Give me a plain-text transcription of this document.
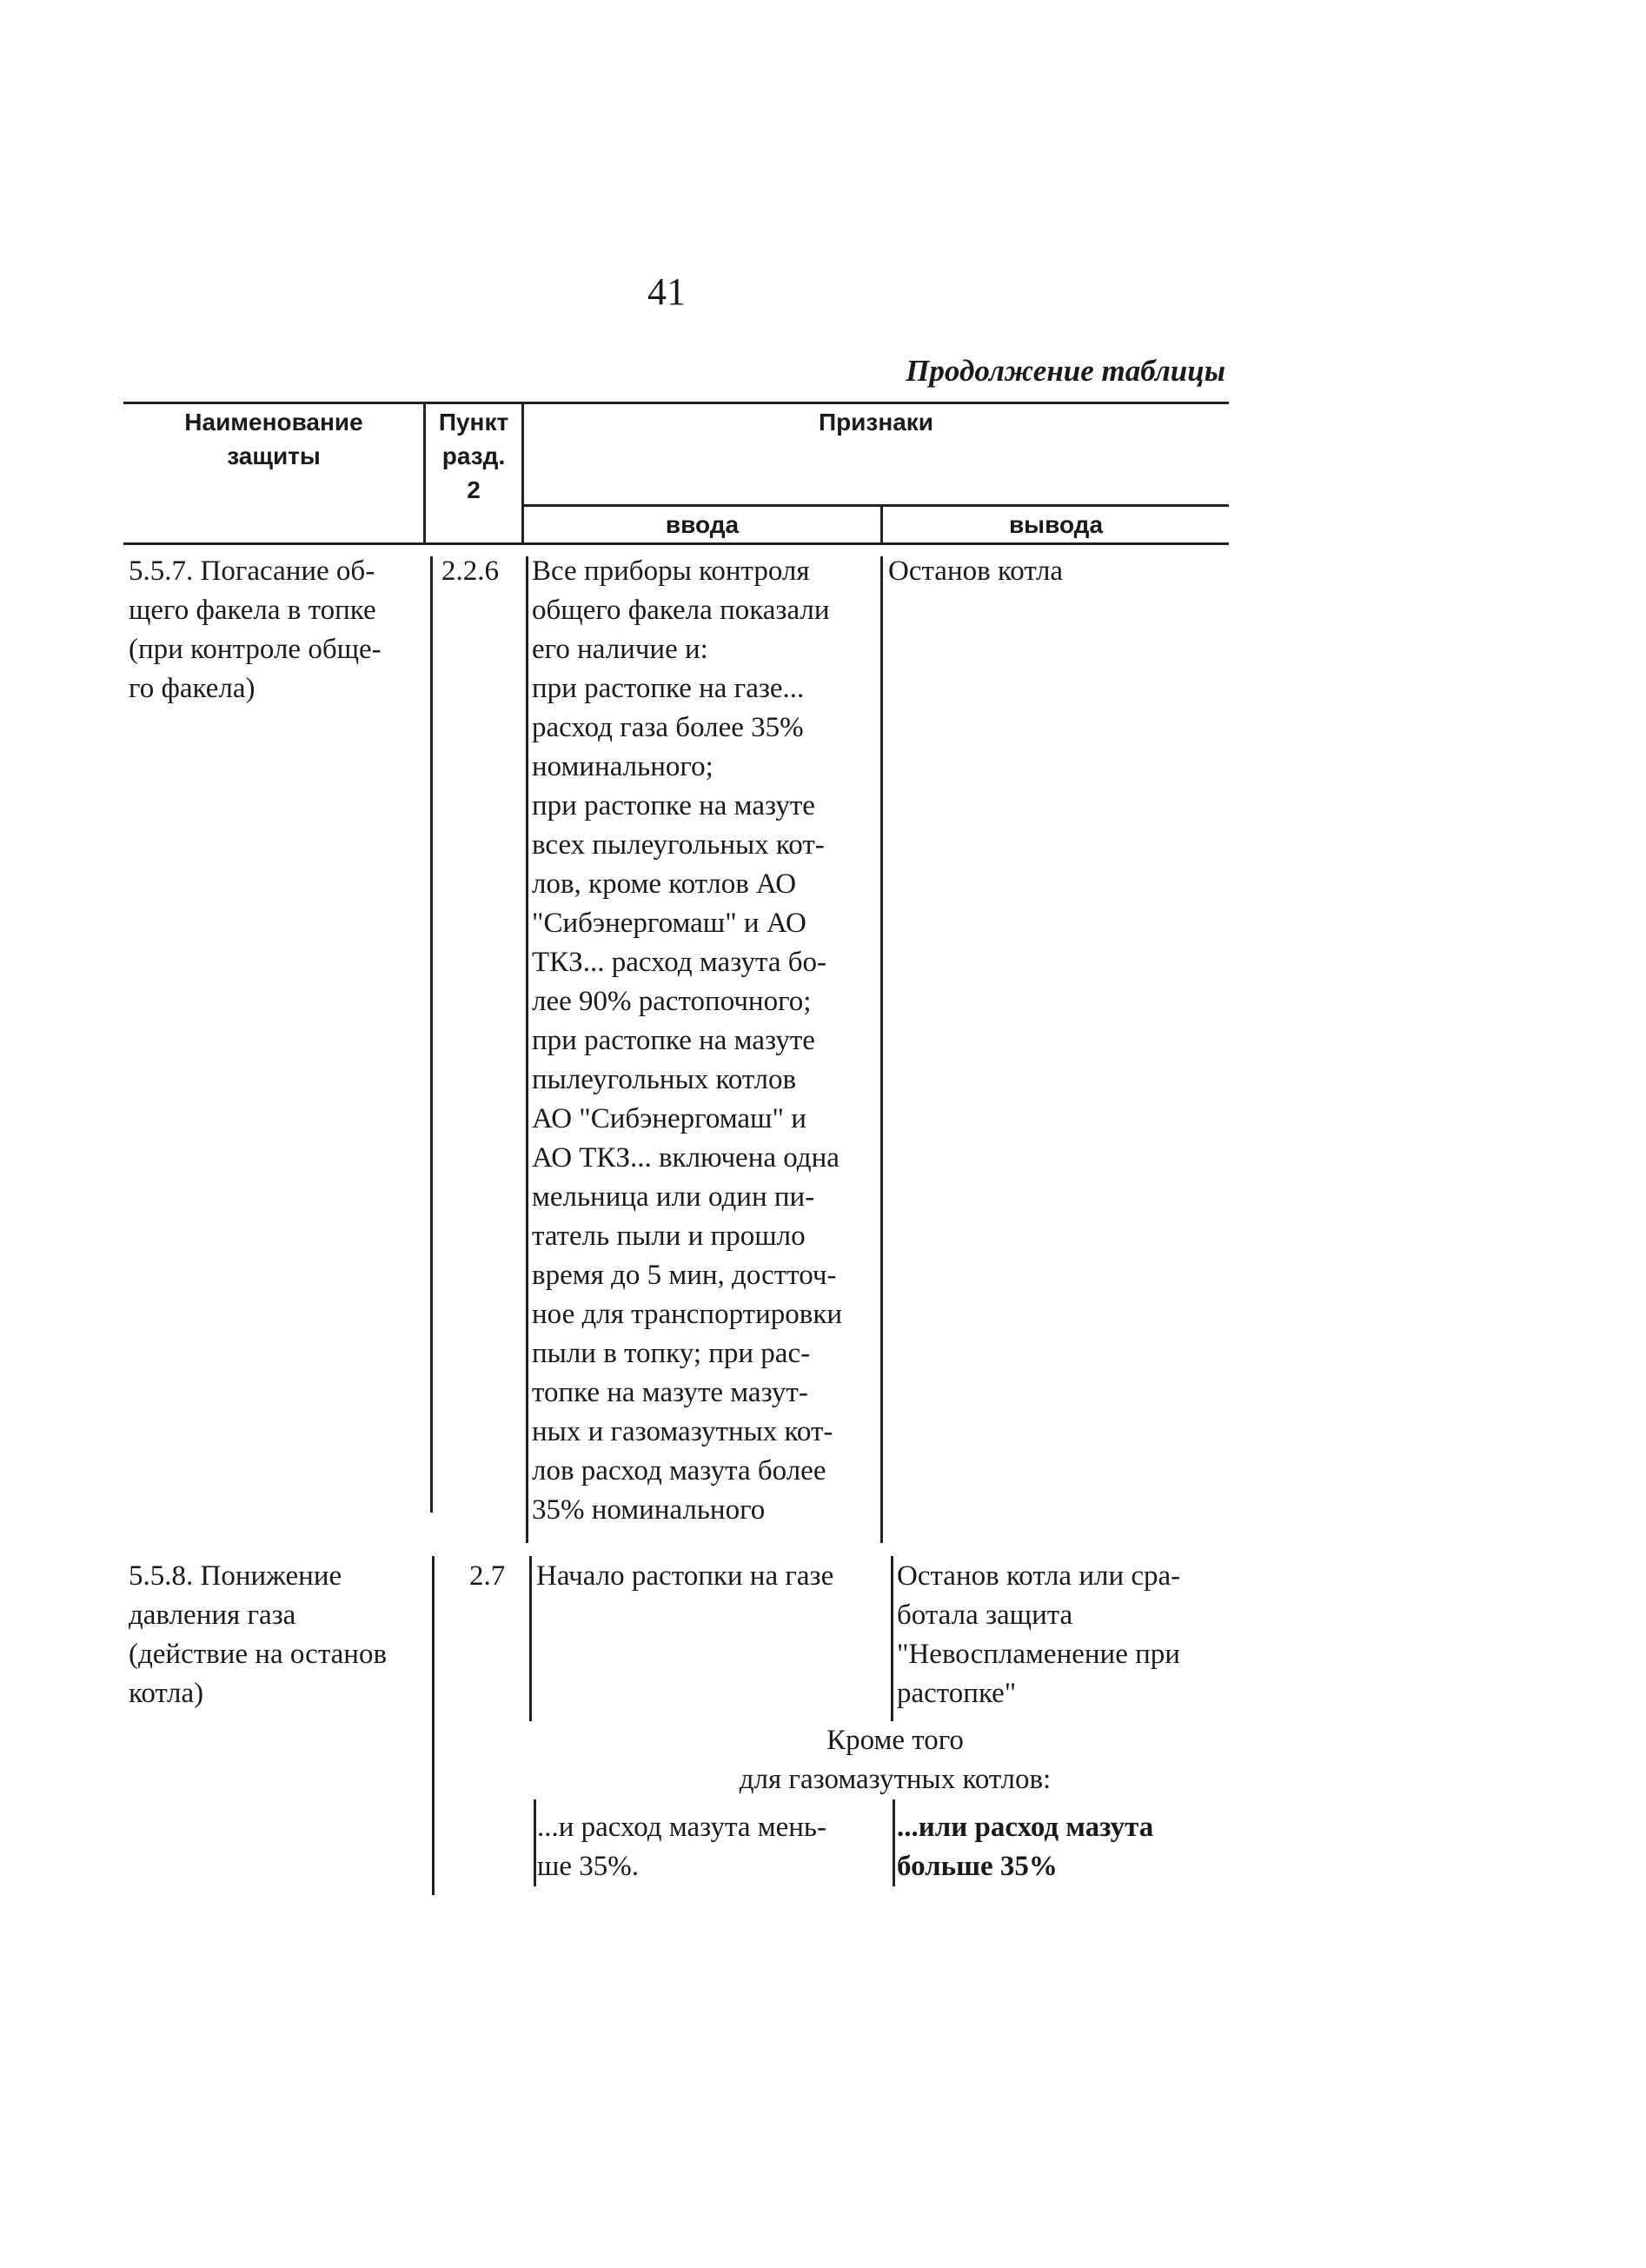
41
Продолжение таблицы
Наименование
защиты
Пункт
разд.
2
Признаки
ввода	вывода
5.5.7. Погасание об-
щего факела в топке
(при контроле обще-
го факела)
2.2.6 Все приборы контроля
общего факела показали
его наличие и:
при растопке на газе...
расход газа более 35%
номинального;
при растопке на мазуте
всех пылеугольных кот-
лов, кроме котлов АО
"Сибэнергомаш" и АО
ТКЗ... расход мазута бо-
лее 90% растопочного;
при растопке на мазуте
пылеугольных котлов
АО "Сибэнергомаш" и
АО ТКЗ... включена одна
мельница или один пи-
татель пыли и прошло
время до 5 мин, достточ-
ное для транспортировки
пыли в топку; при рас-
топке на мазуте мазут-
ных и газомазутных кот-
лов расход мазута более
35% номинального
Останов котла
5.5.8. Понижение
давления газа
(действие на останов
котла)
2.7 Начало растопки на газе Останов котла или сра-
ботала защита
"Невоспламенение при
растопке"
Кроме того
для газомазутных котлов:
...и расход мазута мень-
ше 35%.
...или расход мазута
больше 35%
